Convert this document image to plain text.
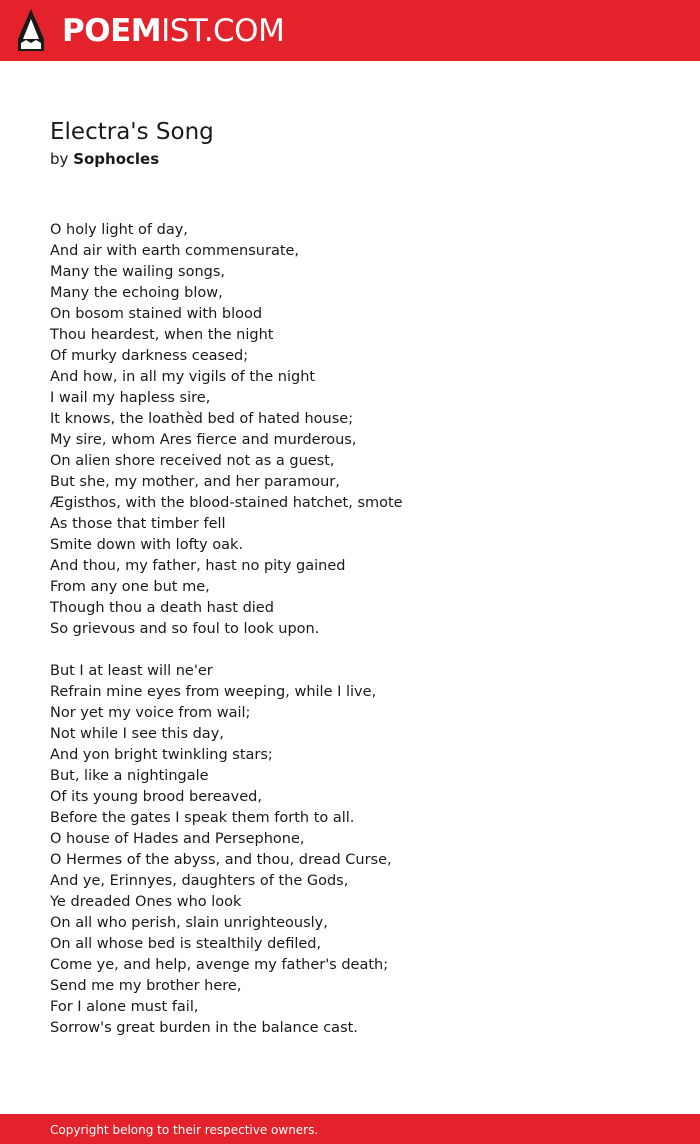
POEMIST.COM
Electra's Song
by Sophocles
O holy light of day,
And air with earth commensurate,
Many the wailing songs,
Many the echoing blow,
On bosom stained with blood
Thou heardest, when the night
Of murky darkness ceased;
And how, in all my vigils of the night
I wail my hapless sire,
It knows, the loathèd bed of hated house;
My sire, whom Ares fierce and murderous,
On alien shore received not as a guest,
But she, my mother, and her paramour,
Ægisthos, with the blood-stained hatchet, smote
As those that timber fell
Smite down with lofty oak.
And thou, my father, hast no pity gained
From any one but me,
Though thou a death hast died
So grievous and so foul to look upon.
But I at least will ne'er
Refrain mine eyes from weeping, while I live,
Nor yet my voice from wail;
Not while I see this day,
And yon bright twinkling stars;
But, like a nightingale
Of its young brood bereaved,
Before the gates I speak them forth to all.
O house of Hades and Persephone,
O Hermes of the abyss, and thou, dread Curse,
And ye, Erinnyes, daughters of the Gods,
Ye dreaded Ones who look
On all who perish, slain unrighteously,
On all whose bed is stealthily defiled,
Come ye, and help, avenge my father's death;
Send me my brother here,
For I alone must fail,
Sorrow's great burden in the balance cast.
Copyright belong to their respective owners.
